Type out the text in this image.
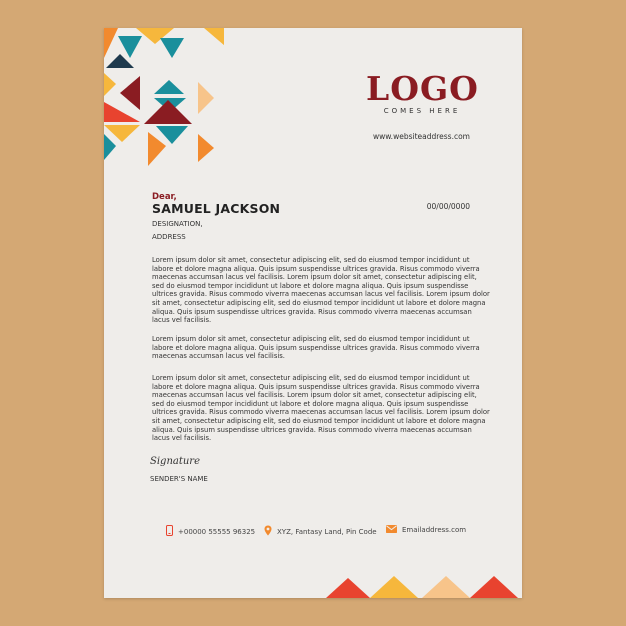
LOGO
COMES HERE
www.websiteaddress.com
Dear,
SAMUEL JACKSON	00/00/0000
DESIGNATION,
ADDRESS

Lorem ipsum dolor sit amet, consectetur adipiscing elit, sed do eiusmod tempor incididunt ut labore et dolore magna aliqua. Quis ipsum suspendisse ultrices gravida. Risus commodo viverra maecenas accumsan lacus vel facilisis. Lorem ipsum dolor sit amet, consectetur adipiscing elit, sed do eiusmod tempor incididunt ut labore et dolore magna aliqua. Quis ipsum suspendisse ultrices gravida. Risus commodo viverra maecenas accumsan lacus vel facilisis. Lorem ipsum dolor sit amet, consectetur adipiscing elit, sed do eiusmod tempor incididunt ut labore et dolore magna aliqua. Quis ipsum suspendisse ultrices gravida. Risus commodo viverra maecenas accumsan lacus vel facilisis.

Lorem ipsum dolor sit amet, consectetur adipiscing elit, sed do eiusmod tempor incididunt ut labore et dolore magna aliqua. Quis ipsum suspendisse ultrices gravida. Risus commodo viverra maecenas accumsan lacus vel facilisis.

Lorem ipsum dolor sit amet, consectetur adipiscing elit, sed do eiusmod tempor incididunt ut labore et dolore magna aliqua. Quis ipsum suspendisse ultrices gravida. Risus commodo viverra maecenas accumsan lacus vel facilisis. Lorem ipsum dolor sit amet, consectetur adipiscing elit, sed do eiusmod tempor incididunt ut labore et dolore magna aliqua. Quis ipsum suspendisse ultrices gravida. Risus commodo viverra maecenas accumsan lacus vel facilisis. Lorem ipsum dolor sit amet, consectetur adipiscing elit, sed do eiusmod tempor incididunt ut labore et dolore magna aliqua. Quis ipsum suspendisse ultrices gravida. Risus commodo viverra maecenas accumsan lacus vel facilisis.

Signature
SENDER'S NAME
+00000 55555 96325	XYZ, Fantasy Land, Pin Code	Emailaddress.com
